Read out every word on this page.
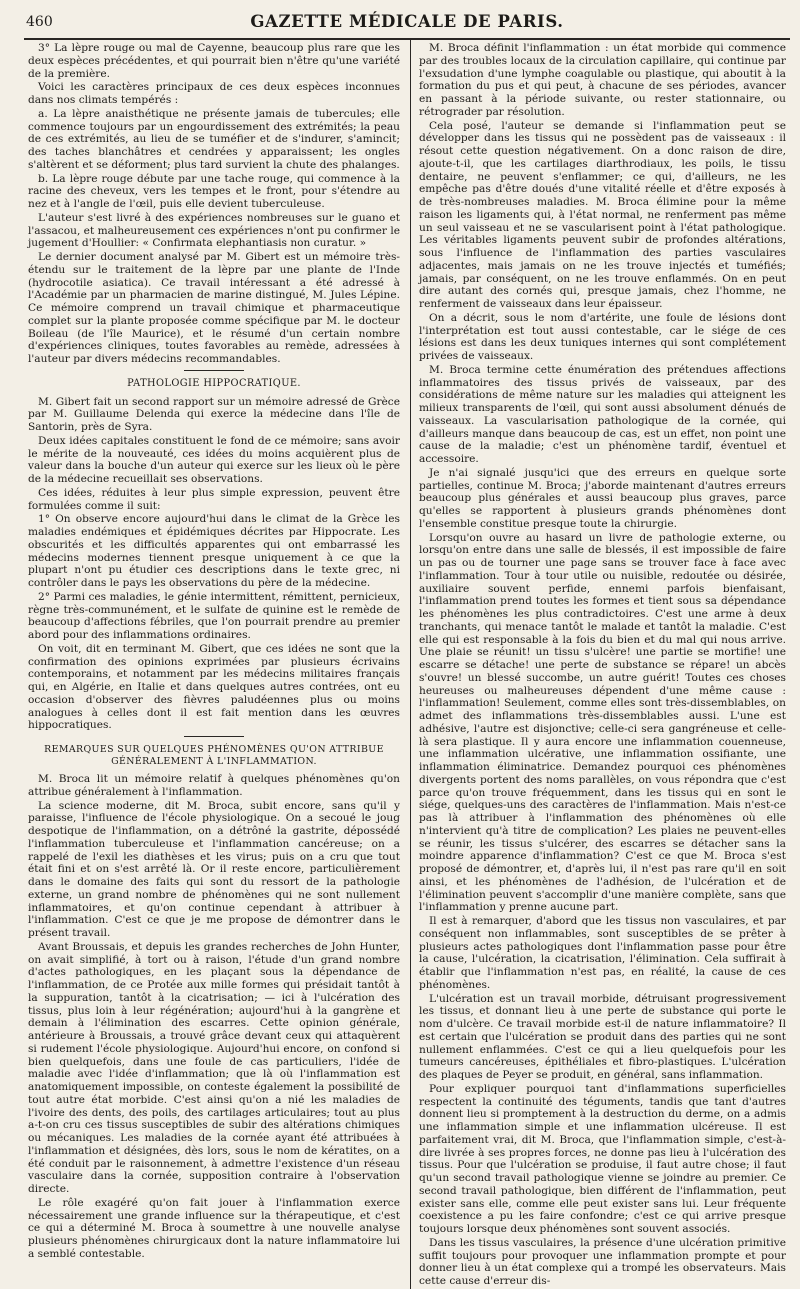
460	GAZETTE MÉDICALE DE PARIS.

3° La lèpre rouge ou mal de Cayenne, beaucoup plus rare que les deux espèces précédentes, et qui pourrait bien n'être qu'une variété de la première.

Voici les caractères principaux de ces deux espèces inconnues dans nos climats tempérés :

a. La lèpre anaisthétique ne présente jamais de tubercules; elle commence toujours par un engourdissement des extrémités; la peau de ces extrémités, au lieu de se tuméfier et de s'indurer, s'amincit; des taches blanchâtres et cendrées y apparaissent; les ongles s'altèrent et se déforment; plus tard survient la chute des phalanges.

b. La lèpre rouge débute par une tache rouge, qui commence à la racine des cheveux, vers les tempes et le front, pour s'étendre au nez et à l'angle de l'œil, puis elle devient tuberculeuse.

L'auteur s'est livré à des expériences nombreuses sur le guano et l'assacou, et malheureusement ces expériences n'ont pu confirmer le jugement d'Houllier: « Confirmata elephantiasis non curatur. »

Le dernier document analysé par M. Gibert est un mémoire très-étendu sur le traitement de la lèpre par une plante de l'Inde (hydrocotile asiatica). Ce travail intéressant a été adressé à l'Académie par un pharmacien de marine distingué, M. Jules Lépine. Ce mémoire comprend un travail chimique et pharmaceutique complet sur la plante proposée comme spécifique par M. le docteur Boileau (de l'île Maurice), et le résumé d'un certain nombre d'expériences cliniques, toutes favorables au remède, adressées à l'auteur par divers médecins recommandables.

PATHOLOGIE HIPPOCRATIQUE.

M. Gibert fait un second rapport sur un mémoire adressé de Grèce par M. Guillaume Delenda qui exerce la médecine dans l'île de Santorin, près de Syra.

Deux idées capitales constituent le fond de ce mémoire; sans avoir le mérite de la nouveauté, ces idées du moins acquièrent plus de valeur dans la bouche d'un auteur qui exerce sur les lieux où le père de la médecine recueillait ses observations.

Ces idées, réduites à leur plus simple expression, peuvent être formulées comme il suit:

1° On observe encore aujourd'hui dans le climat de la Grèce les maladies endémiques et épidémiques décrites par Hippocrate. Les obscurités et les difficultés apparentes qui ont embarrassé les médecins modernes tiennent presque uniquement à ce que la plupart n'ont pu étudier ces descriptions dans le texte grec, ni contrôler dans le pays les observations du père de la médecine.

2° Parmi ces maladies, le génie intermittent, rémittent, pernicieux, règne très-communément, et le sulfate de quinine est le remède de beaucoup d'affections fébriles, que l'on pourrait prendre au premier abord pour des inflammations ordinaires.

On voit, dit en terminant M. Gibert, que ces idées ne sont que la confirmation des opinions exprimées par plusieurs écrivains contemporains, et notamment par les médecins militaires français qui, en Algérie, en Italie et dans quelques autres contrées, ont eu occasion d'observer des fièvres paludéennes plus ou moins analogues à celles dont il est fait mention dans les œuvres hippocratiques.

REMARQUES SUR QUELQUES PHÉNOMÈNES QU'ON ATTRIBUE GÉNÉRALEMENT À L'INFLAMMATION.

M. Broca lit un mémoire relatif à quelques phénomènes qu'on attribue généralement à l'inflammation.

La science moderne, dit M. Broca, subit encore, sans qu'il y paraisse, l'influence de l'école physiologique. On a secoué le joug despotique de l'inflammation, on a détrôné la gastrite, dépossédé l'inflammation tuberculeuse et l'inflammation cancéreuse; on a rappelé de l'exil les diathèses et les virus; puis on a cru que tout était fini et on s'est arrêté là. Or il reste encore, particulièrement dans le domaine des faits qui sont du ressort de la pathologie externe, un grand nombre de phénomènes qui ne sont nullement inflammatoires, et qu'on continue cependant à attribuer à l'inflammation. C'est ce que je me propose de démontrer dans le présent travail.

Avant Broussais, et depuis les grandes recherches de John Hunter, on avait simplifié, à tort ou à raison, l'étude d'un grand nombre d'actes pathologiques, en les plaçant sous la dépendance de l'inflammation, de ce Protée aux mille formes qui présidait tantôt à la suppuration, tantôt à la cicatrisation; — ici à l'ulcération des tissus, plus loin à leur régénération; aujourd'hui à la gangrène et demain à l'élimination des escarres. Cette opinion générale, antérieure à Broussais, a trouvé grâce devant ceux qui attaquèrent si rudement l'école physiologique. Aujourd'hui encore, on confond si bien quelquefois, dans une foule de cas particuliers, l'idée de maladie avec l'idée d'inflammation; que là où l'inflammation est anatomiquement impossible, on conteste également la possibilité de tout autre état morbide. C'est ainsi qu'on a nié les maladies de l'ivoire des dents, des poils, des cartilages articulaires; tout au plus a-t-on cru ces tissus susceptibles de subir des altérations chimiques ou mécaniques. Les maladies de la cornée ayant été attribuées à l'inflammation et désignées, dès lors, sous le nom de kératites, on a été conduit par le raisonnement, à admettre l'existence d'un réseau vasculaire dans la cornée, supposition contraire à l'observation directe.

Le rôle exagéré qu'on fait jouer à l'inflammation exerce nécessairement une grande influence sur la thérapeutique, et c'est ce qui a déterminé M. Broca à soumettre à une nouvelle analyse plusieurs phénomènes chirurgicaux dont la nature inflammatoire lui a semblé contestable.

M. Broca définit l'inflammation : un état morbide qui commence par des troubles locaux de la circulation capillaire, qui continue par l'exsudation d'une lymphe coagulable ou plastique, qui aboutit à la formation du pus et qui peut, à chacune de ses périodes, avancer en passant à la période suivante, ou rester stationnaire, ou rétrograder par résolution.

Cela posé, l'auteur se demande si l'inflammation peut se développer dans les tissus qui ne possèdent pas de vaisseaux : il résout cette question négativement. On a donc raison de dire, ajoute-t-il, que les cartilages diarthrodiaux, les poils, le tissu dentaire, ne peuvent s'enflammer; ce qui, d'ailleurs, ne les empêche pas d'être doués d'une vitalité réelle et d'être exposés à de très-nombreuses maladies. M. Broca élimine pour la même raison les ligaments qui, à l'état normal, ne renferment pas même un seul vaisseau et ne se vascularisent point à l'état pathologique. Les véritables ligaments peuvent subir de profondes altérations, sous l'influence de l'inflammation des parties vasculaires adjacentes, mais jamais on ne les trouve injectés et tuméfiés; jamais, par conséquent, on ne les trouve enflammés. On en peut dire autant des cornés qui, presque jamais, chez l'homme, ne renferment de vaisseaux dans leur épaisseur.

On a décrit, sous le nom d'artérite, une foule de lésions dont l'interprétation est tout aussi contestable, car le siége de ces lésions est dans les deux tuniques internes qui sont complétement privées de vaisseaux.

M. Broca termine cette énumération des prétendues affections inflammatoires des tissus privés de vaisseaux, par des considérations de même nature sur les maladies qui atteignent les milieux transparents de l'œil, qui sont aussi absolument dénués de vaisseaux. La vascularisation pathologique de la cornée, qui d'ailleurs manque dans beaucoup de cas, est un effet, non point une cause de la maladie; c'est un phénomène tardif, éventuel et accessoire.

Je n'ai signalé jusqu'ici que des erreurs en quelque sorte partielles, continue M. Broca; j'aborde maintenant d'autres erreurs beaucoup plus générales et aussi beaucoup plus graves, parce qu'elles se rapportent à plusieurs grands phénomènes dont l'ensemble constitue presque toute la chirurgie.

Lorsqu'on ouvre au hasard un livre de pathologie externe, ou lorsqu'on entre dans une salle de blessés, il est impossible de faire un pas ou de tourner une page sans se trouver face à face avec l'inflammation. Tour à tour utile ou nuisible, redoutée ou désirée, auxiliaire souvent perfide, ennemi parfois bienfaisant, l'inflammation prend toutes les formes et tient sous sa dépendance les phénomènes les plus contradictoires. C'est une arme à deux tranchants, qui menace tantôt le malade et tantôt la maladie. C'est elle qui est responsable à la fois du bien et du mal qui nous arrive. Une plaie se réunit! un tissu s'ulcère! une partie se mortifie! une escarre se détache! une perte de substance se répare! un abcès s'ouvre! un blessé succombe, un autre guérit! Toutes ces choses heureuses ou malheureuses dépendent d'une même cause : l'inflammation! Seulement, comme elles sont très-dissemblables, on admet des inflammations très-dissemblables aussi. L'une est adhésive, l'autre est disjonctive; celle-ci sera gangréneuse et celle-là sera plastique. Il y aura encore une inflammation couenneuse, une inflammation ulcérative, une inflammation ossifiante, une inflammation éliminatrice. Demandez pourquoi ces phénomènes divergents portent des noms parallèles, on vous répondra que c'est parce qu'on trouve fréquemment, dans les tissus qui en sont le siége, quelques-uns des caractères de l'inflammation. Mais n'est-ce pas là attribuer à l'inflammation des phénomènes où elle n'intervient qu'à titre de complication? Les plaies ne peuvent-elles se réunir, les tissus s'ulcérer, des escarres se détacher sans la moindre apparence d'inflammation? C'est ce que M. Broca s'est proposé de démontrer, et, d'après lui, il n'est pas rare qu'il en soit ainsi, et les phénomènes de l'adhésion, de l'ulcération et de l'élimination peuvent s'accomplir d'une manière complète, sans que l'inflammation y prenne aucune part.

Il est à remarquer, d'abord que les tissus non vasculaires, et par conséquent non inflammables, sont susceptibles de se prêter à plusieurs actes pathologiques dont l'inflammation passe pour être la cause, l'ulcération, la cicatrisation, l'élimination. Cela suffirait à établir que l'inflammation n'est pas, en réalité, la cause de ces phénomènes.

L'ulcération est un travail morbide, détruisant progressivement les tissus, et donnant lieu à une perte de substance qui porte le nom d'ulcère. Ce travail morbide est-il de nature inflammatoire? Il est certain que l'ulcération se produit dans des parties qui ne sont nullement enflammées. C'est ce qui a lieu quelquefois pour les tumeurs cancéreuses, épithéliales et fibro-plastiques. L'ulcération des plaques de Peyer se produit, en général, sans inflammation.

Pour expliquer pourquoi tant d'inflammations superficielles respectent la continuité des téguments, tandis que tant d'autres donnent lieu si promptement à la destruction du derme, on a admis une inflammation simple et une inflammation ulcéreuse. Il est parfaitement vrai, dit M. Broca, que l'inflammation simple, c'est-à-dire livrée à ses propres forces, ne donne pas lieu à l'ulcération des tissus. Pour que l'ulcération se produise, il faut autre chose; il faut qu'un second travail pathologique vienne se joindre au premier. Ce second travail pathologique, bien différent de l'inflammation, peut exister sans elle, comme elle peut exister sans lui. Leur fréquente coexistence a pu les faire confondre; c'est ce qui arrive presque toujours lorsque deux phénomènes sont souvent associés.

Dans les tissus vasculaires, la présence d'une ulcération primitive suffit toujours pour provoquer une inflammation prompte et pour donner lieu à un état complexe qui a trompé les observateurs. Mais cette cause d'erreur dis-
